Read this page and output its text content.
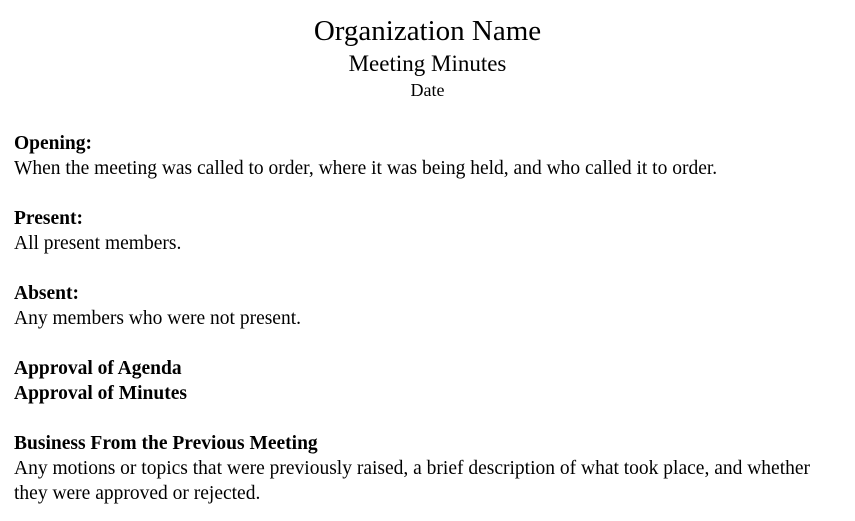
Organization Name
Meeting Minutes
Date
Opening:
When the meeting was called to order, where it was being held, and who called it to order.
Present:
All present members.
Absent:
Any members who were not present.
Approval of Agenda
Approval of Minutes
Business From the Previous Meeting
Any motions or topics that were previously raised, a brief description of what took place, and whether they were approved or rejected.
